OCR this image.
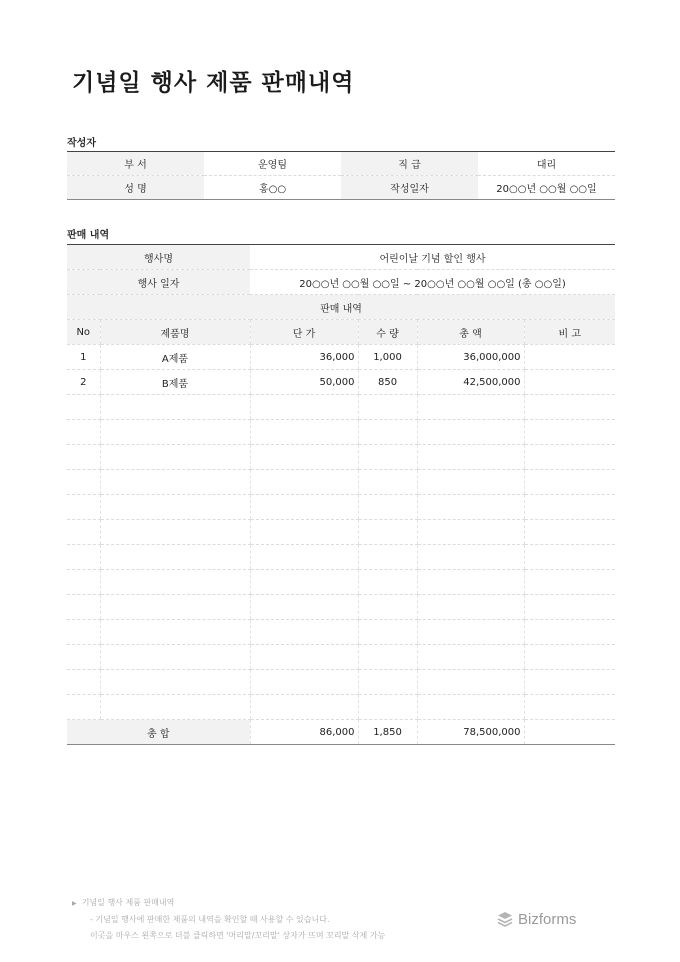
기념일 행사 제품 판매내역
작성자
부 서	운영팀	직 급	대리
성 명	홍○○	작성일자	20○○년 ○○월 ○○일
판매 내역
행사명		어린이날 기념 할인 행사			
행사 일자		20○○년 ○○월 ○○일 ~ 20○○년 ○○월 ○○일 (총 ○○일)			
판매 내역					
No	제품명	단 가	수 량	총 액	비 고
1	A제품	36,000	1,000	36,000,000	
2	B제품	50,000	850	42,500,000	

총 합		86,000	1,850	78,500,000	
▶ 기념일 행사 제품 판매내역
- 기념일 행사에 판매한 제품의 내역을 확인할 때 사용할 수 있습니다.
이곳을 마우스 왼쪽으로 더블 클릭하면 '머리말/꼬리말' 상자가 뜨며 꼬리말 삭제 가능
Bizforms
